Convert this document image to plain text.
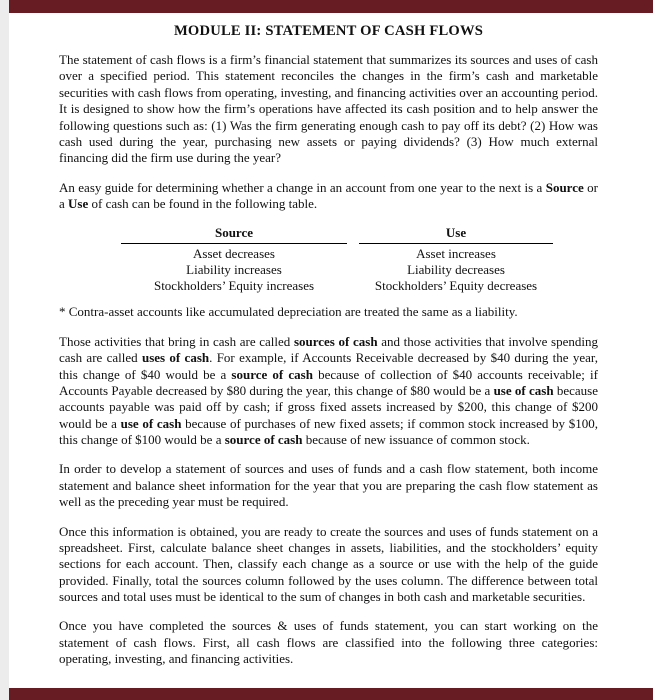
MODULE II: STATEMENT OF CASH FLOWS

The statement of cash flows is a firm’s financial statement that summarizes its sources and uses of cash over a specified period. This statement reconciles the changes in the firm’s cash and marketable securities with cash flows from operating, investing, and financing activities over an accounting period. It is designed to show how the firm’s operations have affected its cash position and to help answer the following questions such as: (1) Was the firm generating enough cash to pay off its debt? (2) How was cash used during the year, purchasing new assets or paying dividends? (3) How much external financing did the firm use during the year?

An easy guide for determining whether a change in an account from one year to the next is a Source or a Use of cash can be found in the following table.

Source	Use
Asset decreases	Asset increases
Liability increases	Liability decreases
Stockholders’ Equity increases	Stockholders’ Equity decreases

* Contra-asset accounts like accumulated depreciation are treated the same as a liability.

Those activities that bring in cash are called sources of cash and those activities that involve spending cash are called uses of cash. For example, if Accounts Receivable decreased by $40 during the year, this change of $40 would be a source of cash because of collection of $40 accounts receivable; if Accounts Payable decreased by $80 during the year, this change of $80 would be a use of cash because accounts payable was paid off by cash; if gross fixed assets increased by $200, this change of $200 would be a use of cash because of purchases of new fixed assets; if common stock increased by $100, this change of $100 would be a source of cash because of new issuance of common stock.

In order to develop a statement of sources and uses of funds and a cash flow statement, both income statement and balance sheet information for the year that you are preparing the cash flow statement as well as the preceding year must be required.

Once this information is obtained, you are ready to create the sources and uses of funds statement on a spreadsheet. First, calculate balance sheet changes in assets, liabilities, and the stockholders’ equity sections for each account. Then, classify each change as a source or use with the help of the guide provided. Finally, total the sources column followed by the uses column. The difference between total sources and total uses must be identical to the sum of changes in both cash and marketable securities.

Once you have completed the sources & uses of funds statement, you can start working on the statement of cash flows. First, all cash flows are classified into the following three categories: operating, investing, and financing activities.
